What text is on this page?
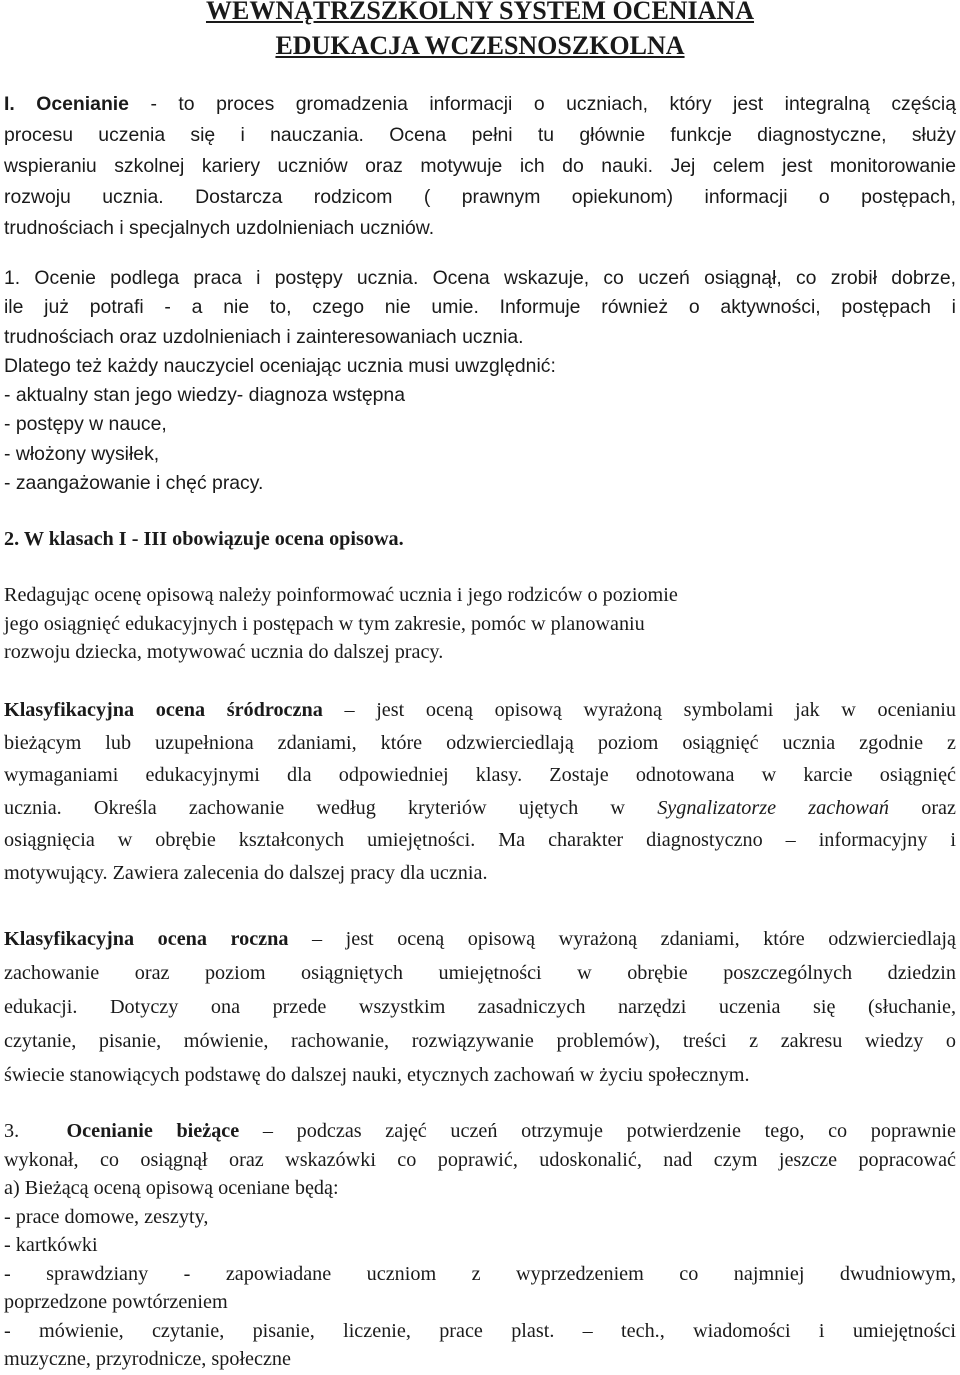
WEWNĄTRZSZKOLNY SYSTEM OCENIANA
EDUKACJA WCZESNOSZKOLNA
I. Ocenianie - to proces gromadzenia informacji o uczniach, który jest integralną częścią
procesu uczenia się i nauczania. Ocena pełni tu głównie funkcje diagnostyczne, służy
wspieraniu szkolnej kariery uczniów oraz motywuje ich do nauki. Jej celem jest monitorowanie
rozwoju ucznia. Dostarcza rodzicom ( prawnym opiekunom) informacji o postępach,
trudnościach i specjalnych uzdolnieniach uczniów.
1. Ocenie podlega praca i postępy ucznia. Ocena wskazuje, co uczeń osiągnął, co zrobił dobrze,
ile już potrafi - a nie to, czego nie umie. Informuje również o aktywności, postępach i
trudnościach oraz uzdolnieniach i zainteresowaniach ucznia.
Dlatego też każdy nauczyciel oceniając ucznia musi uwzględnić:
- aktualny stan jego wiedzy- diagnoza wstępna
- postępy w nauce,
- włożony wysiłek,
- zaangażowanie i chęć pracy.
2. W klasach I - III obowiązuje ocena opisowa.
Redagując ocenę opisową należy poinformować ucznia i jego rodziców o poziomie
jego osiągnięć edukacyjnych i postępach w tym zakresie, pomóc w planowaniu
rozwoju dziecka, motywować ucznia do dalszej pracy.
Klasyfikacyjna ocena śródroczna – jest oceną opisową wyrażoną symbolami jak w ocenianiu
bieżącym lub uzupełniona zdaniami, które odzwierciedlają poziom osiągnięć ucznia zgodnie z
wymaganiami edukacyjnymi dla odpowiedniej klasy. Zostaje odnotowana w karcie osiągnięć
ucznia. Określa zachowanie według kryteriów ujętych w Sygnalizatorze zachowań oraz
osiągnięcia w obrębie kształconych umiejętności. Ma charakter diagnostyczno – informacyjny i
motywujący. Zawiera zalecenia do dalszej pracy dla ucznia.
Klasyfikacyjna ocena roczna – jest oceną opisową wyrażoną zdaniami, które odzwierciedlają
zachowanie oraz poziom osiągniętych umiejętności w obrębie poszczególnych dziedzin
edukacji. Dotyczy ona przede wszystkim zasadniczych narzędzi uczenia się (słuchanie,
czytanie, pisanie, mówienie, rachowanie, rozwiązywanie problemów), treści z zakresu wiedzy o
świecie stanowiących podstawę do dalszej nauki, etycznych zachowań w życiu społecznym.
3. Ocenianie bieżące – podczas zajęć uczeń otrzymuje potwierdzenie tego, co poprawnie
wykonał, co osiągnął oraz wskazówki co poprawić, udoskonalić, nad czym jeszcze popracować
a) Bieżącą oceną opisową oceniane będą:
- prace domowe, zeszyty,
- kartkówki
- sprawdziany - zapowiadane uczniom z wyprzedzeniem co najmniej dwudniowym,
poprzedzone powtórzeniem
- mówienie, czytanie, pisanie, liczenie, prace plast. – tech., wiadomości i umiejętności
muzyczne, przyrodnicze, społeczne
